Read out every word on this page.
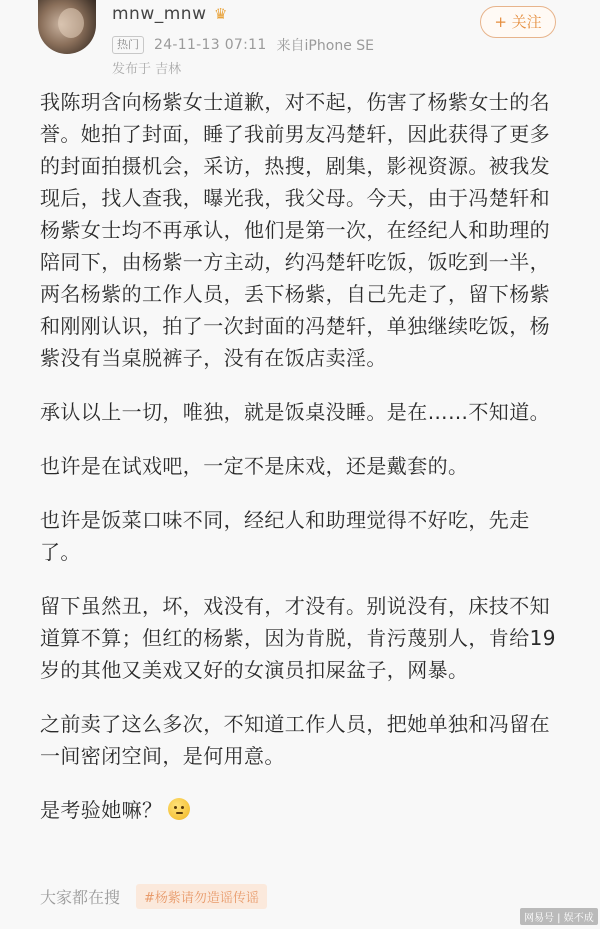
mnw_mnw ♛
热门	24-11-13 07:11 来自iPhone SE
发布于 吉林
+ 关注

我陈玥含向杨紫女士道歉，对不起，伤害了杨紫女士的名誉。她拍了封面，睡了我前男友冯楚轩，因此获得了更多的封面拍摄机会，采访，热搜，剧集，影视资源。被我发现后，找人查我，曝光我，我父母。今天，由于冯楚轩和杨紫女士均不再承认，他们是第一次，在经纪人和助理的陪同下，由杨紫一方主动，约冯楚轩吃饭，饭吃到一半，两名杨紫的工作人员，丢下杨紫，自己先走了，留下杨紫和刚刚认识，拍了一次封面的冯楚轩，单独继续吃饭，杨紫没有当桌脱裤子，没有在饭店卖淫。

承认以上一切，唯独，就是饭桌没睡。是在……不知道。

也许是在试戏吧，一定不是床戏，还是戴套的。

也许是饭菜口味不同，经纪人和助理觉得不好吃，先走了。

留下虽然丑，坏，戏没有，才没有。别说没有，床技不知道算不算；但红的杨紫，因为肯脱，肯污蔑别人，肯给19岁的其他又美戏又好的女演员扣屎盆子，网暴。

之前卖了这么多次，不知道工作人员，把她单独和冯留在一间密闭空间，是何用意。

是考验她嘛？

大家都在搜	#杨紫请勿造谣传谣
网易号 | 娱不成
